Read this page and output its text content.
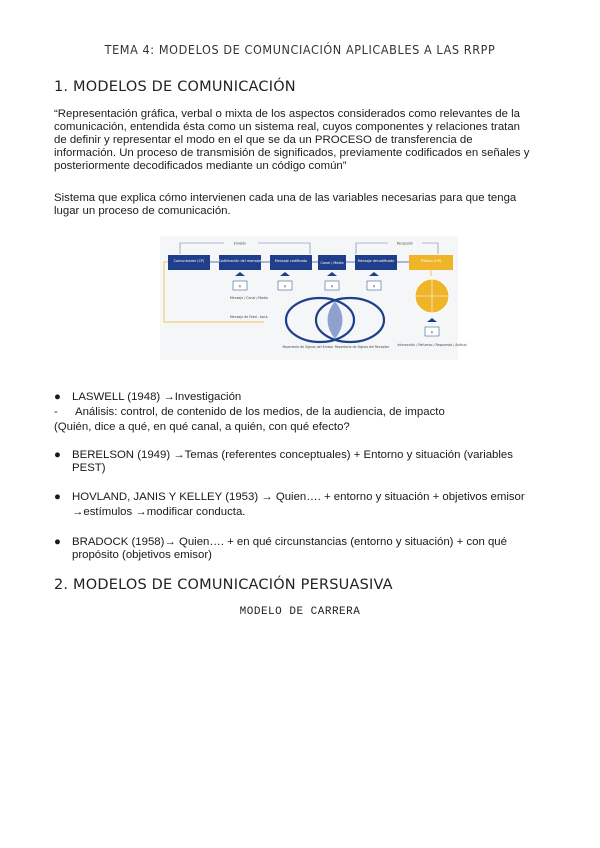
TEMA 4: MODELOS DE COMUNCIACIÓN APLICABLES A LAS RRPP
1. MODELOS DE COMUNICACIÓN
“Representación gráfica, verbal o mixta de los aspectos considerados como relevantes de la
comunicación, entendida ésta como un sistema real, cuyos componentes y relaciones tratan
de definir y representar el modo en el que se da un PROCESO de transferencia de
información. Un proceso de transmisión de significados, previamente codificados en señales y
posteriormente decodificados mediante un código común”
Sistema que explica cómo intervienen cada una de las variables necesarias para que tenga
lugar un proceso de comunicación.
Emisión	Recepción
Comunicador (CP)	Codificación del mensaje	Mensaje codificado	Canal / Medio	Mensaje decodificado	Público (CR)
R	R	R	R
R
Mensaje / Canal / Medio
Mensaje de Feed - back
Repertorio de Signos del Emisor Repertorio de Signos del Receptor	Interacción / Refuerzo / Respuesta / Actitud
● LASWELL (1948) →Investigación
- Análisis: control, de contenido de los medios, de la audiencia, de impacto
(Quién, dice a qué, en qué canal, a quién, con qué efecto?
● BERELSON (1949) →Temas (referentes conceptuales) + Entorno y situación (variables
PEST)
● HOVLAND, JANIS Y KELLEY (1953) → Quien…. + entorno y situación + objetivos emisor
→estímulos →modificar conducta.
● BRADOCK (1958)→ Quien…. + en qué circunstancias (entorno y situación) + con qué
propósito (objetivos emisor)
2. MODELOS DE COMUNICACIÓN PERSUASIVA
MODELO DE CARRERA
